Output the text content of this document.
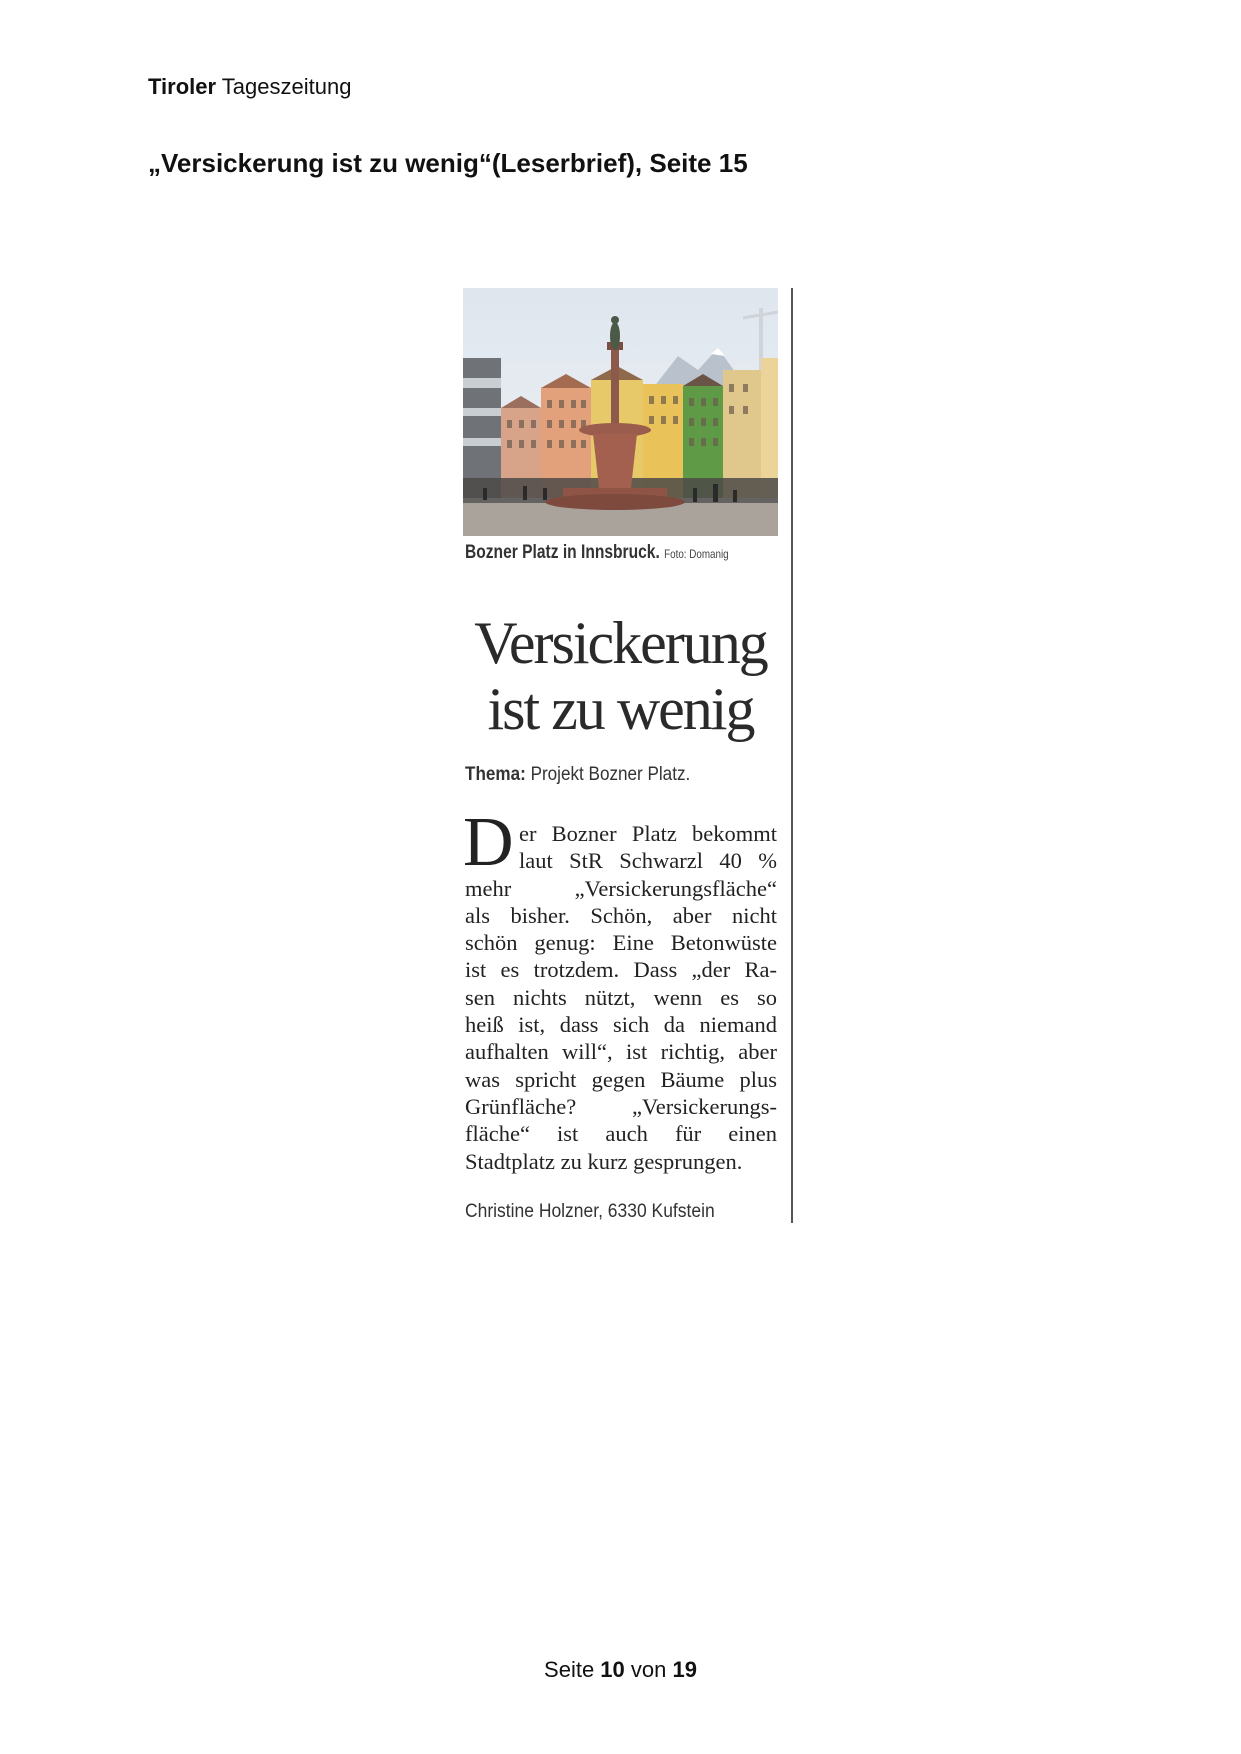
Tiroler Tageszeitung
„Versickerung ist zu wenig“(Leserbrief), Seite 15
Bozner Platz in Innsbruck. Foto: Domanig
Versickerung
ist zu wenig
Thema: Projekt Bozner Platz.
D er Bozner Platz bekommt
laut StR Schwarzl 40 %
mehr „Versickerungsfläche“
als bisher. Schön, aber nicht
schön genug: Eine Betonwüste
ist es trotzdem. Dass „der Ra-
sen nichts nützt, wenn es so
heiß ist, dass sich da niemand
aufhalten will“, ist richtig, aber
was spricht gegen Bäume plus
Grünfläche? „Versickerungs-
fläche“ ist auch für einen
Stadtplatz zu kurz gesprungen.
Christine Holzner, 6330 Kufstein
Seite 10 von 19
